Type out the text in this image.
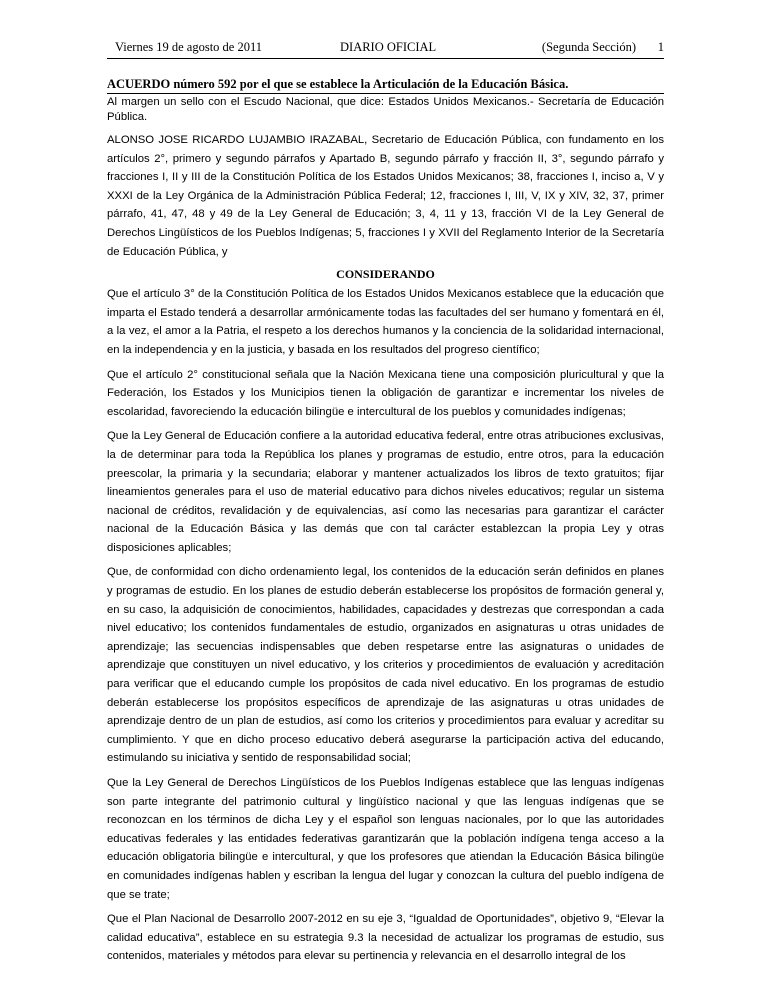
Viernes 19 de agosto de 2011	DIARIO OFICIAL	(Segunda Sección) 1
ACUERDO número 592 por el que se establece la Articulación de la Educación Básica.

Al margen un sello con el Escudo Nacional, que dice: Estados Unidos Mexicanos.- Secretaría de Educación Pública.

ALONSO JOSE RICARDO LUJAMBIO IRAZABAL, Secretario de Educación Pública, con fundamento en los artículos 2°, primero y segundo párrafos y Apartado B, segundo párrafo y fracción II, 3°, segundo párrafo y fracciones I, II y III de la Constitución Política de los Estados Unidos Mexicanos; 38, fracciones I, inciso a, V y XXXI de la Ley Orgánica de la Administración Pública Federal; 12, fracciones I, III, V, IX y XIV, 32, 37, primer párrafo, 41, 47, 48 y 49 de la Ley General de Educación; 3, 4, 11 y 13, fracción VI de la Ley General de Derechos Lingüísticos de los Pueblos Indígenas; 5, fracciones I y XVII del Reglamento Interior de la Secretaría de Educación Pública, y

CONSIDERANDO

Que el artículo 3° de la Constitución Política de los Estados Unidos Mexicanos establece que la educación que imparta el Estado tenderá a desarrollar armónicamente todas las facultades del ser humano y fomentará en él, a la vez, el amor a la Patria, el respeto a los derechos humanos y la conciencia de la solidaridad internacional, en la independencia y en la justicia, y basada en los resultados del progreso científico;

Que el artículo 2° constitucional señala que la Nación Mexicana tiene una composición pluricultural y que la Federación, los Estados y los Municipios tienen la obligación de garantizar e incrementar los niveles de escolaridad, favoreciendo la educación bilingüe e intercultural de los pueblos y comunidades indígenas;

Que la Ley General de Educación confiere a la autoridad educativa federal, entre otras atribuciones exclusivas, la de determinar para toda la República los planes y programas de estudio, entre otros, para la educación preescolar, la primaria y la secundaria; elaborar y mantener actualizados los libros de texto gratuitos; fijar lineamientos generales para el uso de material educativo para dichos niveles educativos; regular un sistema nacional de créditos, revalidación y de equivalencias, así como las necesarias para garantizar el carácter nacional de la Educación Básica y las demás que con tal carácter establezcan la propia Ley y otras disposiciones aplicables;

Que, de conformidad con dicho ordenamiento legal, los contenidos de la educación serán definidos en planes y programas de estudio. En los planes de estudio deberán establecerse los propósitos de formación general y, en su caso, la adquisición de conocimientos, habilidades, capacidades y destrezas que correspondan a cada nivel educativo; los contenidos fundamentales de estudio, organizados en asignaturas u otras unidades de aprendizaje; las secuencias indispensables que deben respetarse entre las asignaturas o unidades de aprendizaje que constituyen un nivel educativo, y los criterios y procedimientos de evaluación y acreditación para verificar que el educando cumple los propósitos de cada nivel educativo. En los programas de estudio deberán establecerse los propósitos específicos de aprendizaje de las asignaturas u otras unidades de aprendizaje dentro de un plan de estudios, así como los criterios y procedimientos para evaluar y acreditar su cumplimiento. Y que en dicho proceso educativo deberá asegurarse la participación activa del educando, estimulando su iniciativa y sentido de responsabilidad social;

Que la Ley General de Derechos Lingüísticos de los Pueblos Indígenas establece que las lenguas indígenas son parte integrante del patrimonio cultural y lingüístico nacional y que las lenguas indígenas que se reconozcan en los términos de dicha Ley y el español son lenguas nacionales, por lo que las autoridades educativas federales y las entidades federativas garantizarán que la población indígena tenga acceso a la educación obligatoria bilingüe e intercultural, y que los profesores que atiendan la Educación Básica bilingüe en comunidades indígenas hablen y escriban la lengua del lugar y conozcan la cultura del pueblo indígena de que se trate;

Que el Plan Nacional de Desarrollo 2007-2012 en su eje 3, “Igualdad de Oportunidades”, objetivo 9, “Elevar la calidad educativa”, establece en su estrategia 9.3 la necesidad de actualizar los programas de estudio, sus contenidos, materiales y métodos para elevar su pertinencia y relevancia en el desarrollo integral de los
